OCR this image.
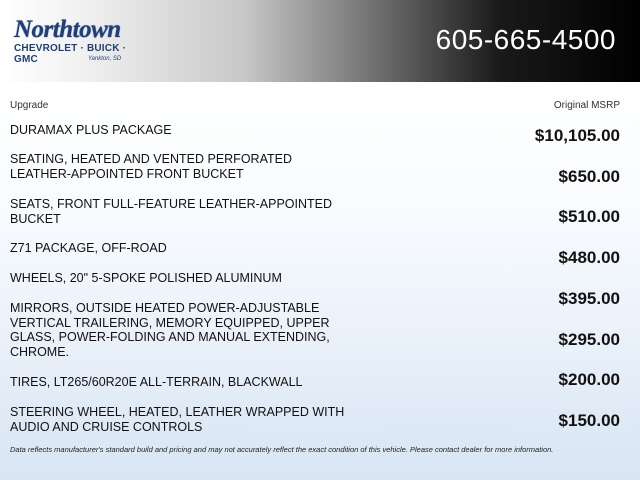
Northtown
CHEVROLET · BUICK · GMC	Yankton, SD
605-665-4500
Upgrade	Original MSRP
DURAMAX PLUS PACKAGE
SEATING, HEATED AND VENTED PERFORATED LEATHER-APPOINTED FRONT BUCKET
SEATS, FRONT FULL-FEATURE LEATHER-APPOINTED BUCKET
Z71 PACKAGE, OFF-ROAD
WHEELS, 20" 5-SPOKE POLISHED ALUMINUM
MIRRORS, OUTSIDE HEATED POWER-ADJUSTABLE VERTICAL TRAILERING, MEMORY EQUIPPED, UPPER GLASS, POWER-FOLDING AND MANUAL EXTENDING, CHROME.
TIRES, LT265/60R20E ALL-TERRAIN, BLACKWALL
STEERING WHEEL, HEATED, LEATHER WRAPPED WITH AUDIO AND CRUISE CONTROLS
$10,105.00
$650.00
$510.00
$480.00
$395.00
$295.00
$200.00
$150.00
Data reflects manufacturer's standard build and pricing and may not accurately reflect the exact condition of this vehicle. Please contact dealer for more information.
